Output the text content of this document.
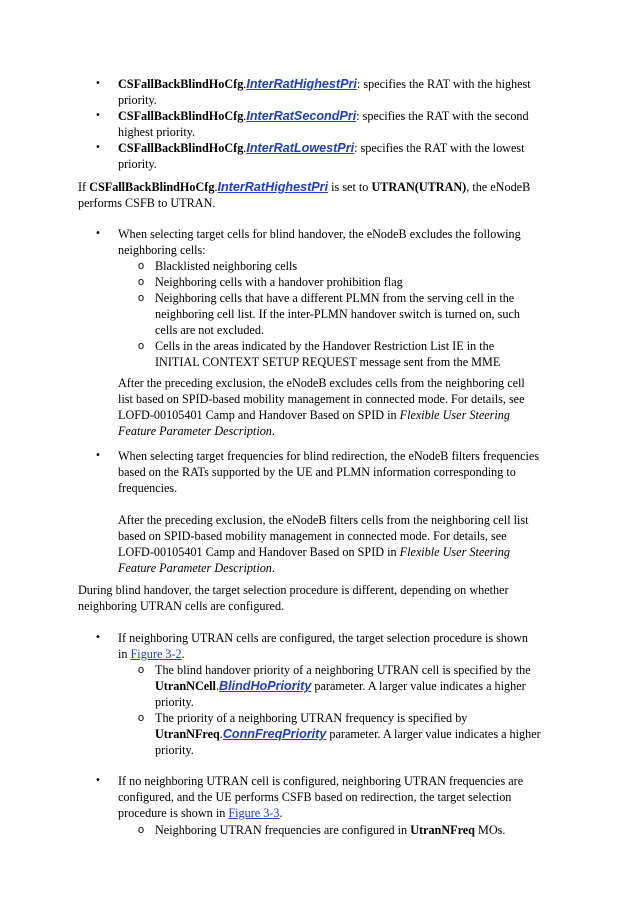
• CSFallBackBlindHoCfg.InterRatHighestPri: specifies the RAT with the highest
priority.
• CSFallBackBlindHoCfg.InterRatSecondPri: specifies the RAT with the second
highest priority.
• CSFallBackBlindHoCfg.InterRatLowestPri: specifies the RAT with the lowest
priority.
If CSFallBackBlindHoCfg.InterRatHighestPri is set to UTRAN(UTRAN), the eNodeB
performs CSFB to UTRAN.
• When selecting target cells for blind handover, the eNodeB excludes the following
neighboring cells:
o Blacklisted neighboring cells
o Neighboring cells with a handover prohibition flag
o Neighboring cells that have a different PLMN from the serving cell in the
neighboring cell list. If the inter-PLMN handover switch is turned on, such
cells are not excluded.
o Cells in the areas indicated by the Handover Restriction List IE in the
INITIAL CONTEXT SETUP REQUEST message sent from the MME
After the preceding exclusion, the eNodeB excludes cells from the neighboring cell
list based on SPID-based mobility management in connected mode. For details, see
LOFD-00105401 Camp and Handover Based on SPID in Flexible User Steering
Feature Parameter Description.
• When selecting target frequencies for blind redirection, the eNodeB filters frequencies
based on the RATs supported by the UE and PLMN information corresponding to
frequencies.
After the preceding exclusion, the eNodeB filters cells from the neighboring cell list
based on SPID-based mobility management in connected mode. For details, see
LOFD-00105401 Camp and Handover Based on SPID in Flexible User Steering
Feature Parameter Description.
During blind handover, the target selection procedure is different, depending on whether
neighboring UTRAN cells are configured.
• If neighboring UTRAN cells are configured, the target selection procedure is shown
in Figure 3-2.
o The blind handover priority of a neighboring UTRAN cell is specified by the
UtranNCell.BlindHoPriority parameter. A larger value indicates a higher
priority.
o The priority of a neighboring UTRAN frequency is specified by
UtranNFreq.ConnFreqPriority parameter. A larger value indicates a higher
priority.
• If no neighboring UTRAN cell is configured, neighboring UTRAN frequencies are
configured, and the UE performs CSFB based on redirection, the target selection
procedure is shown in Figure 3-3.
o Neighboring UTRAN frequencies are configured in UtranNFreq MOs.
